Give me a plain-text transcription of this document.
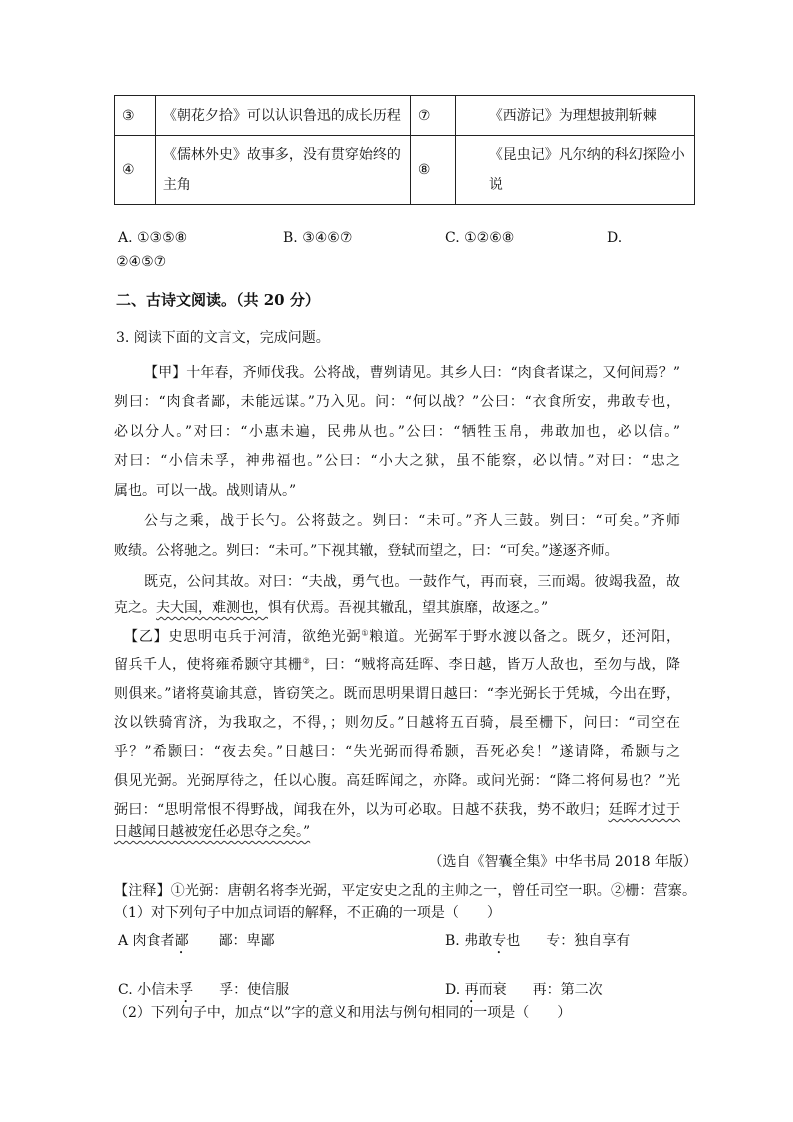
③	《朝花夕拾》可以认识鲁迅的成长历程	⑦	《西游记》为理想披荆斩棘
④	《儒林外史》故事多，没有贯穿始终的主角	⑧	《昆虫记》凡尔纳的科幻探险小说
A. ①③⑤⑧	B. ③④⑥⑦	C. ①②⑥⑧	D.
②④⑤⑦
二、古诗文阅读。（共 20 分）
3. 阅读下面的文言文，完成问题。
【甲】十年春，齐师伐我。公将战，曹刿请见。其乡人曰：“肉食者谋之，又何间焉？”
刿曰：“肉食者鄙，未能远谋。”乃入见。问：“何以战？”公曰：“衣食所安，弗敢专也，
必以分人。”对曰：“小惠未遍，民弗从也。”公曰：“牺牲玉帛，弗敢加也，必以信。”
对曰：“小信未孚，神弗福也。”公曰：“小大之狱，虽不能察，必以情。”对曰：“忠之
属也。可以一战。战则请从。”
公与之乘，战于长勺。公将鼓之。刿曰：“未可。”齐人三鼓。刿曰：“可矣。”齐师
败绩。公将驰之。刿曰：“未可。”下视其辙，登轼而望之，曰：“可矣。”遂逐齐师。
既克，公问其故。对曰：“夫战，勇气也。一鼓作气，再而衰，三而竭。彼竭我盈，故
克之。夫大国，难测也，惧有伏焉。吾视其辙乱，望其旗靡，故逐之。”
【乙】史思明屯兵于河清，欲绝光弼①粮道。光弼军于野水渡以备之。既夕，还河阳，
留兵千人，使将雍希颢守其栅②，曰：“贼将高廷晖、李日越，皆万人敌也，至勿与战，降
则俱来。”诸将莫谕其意，皆窃笑之。既而思明果谓日越曰：“李光弼长于凭城，今出在野，
汝以铁骑宵济，为我取之，不得，；则勿反。”日越将五百骑，晨至栅下，问曰：“司空在
乎？”希颢曰：“夜去矣。”日越曰：“失光弼而得希颢，吾死必矣！”遂请降，希颢与之
俱见光弼。光弼厚待之，任以心腹。高廷晖闻之，亦降。或问光弼：“降二将何易也？”光
弼曰：“思明常恨不得野战，闻我在外，以为可必取。日越不获我，势不敢归；廷晖才过于
日越闻日越被宠任必思夺之矣。”
（选自《智囊全集》中华书局 2018 年版）
【注释】①光弼：唐朝名将李光弼，平定安史之乱的主帅之一，曾任司空一职。②栅：营寨。
（1）对下列句子中加点词语的解释，不正确的一项是（　　）
A 肉食者鄙 鄙：卑鄙	B. 弗敢专也 专：独自享有
C. 小信未孚 孚：使信服	D. 再而衰 再：第二次
（2）下列句子中，加点“以”字的意义和用法与例句相同的一项是（　　）
